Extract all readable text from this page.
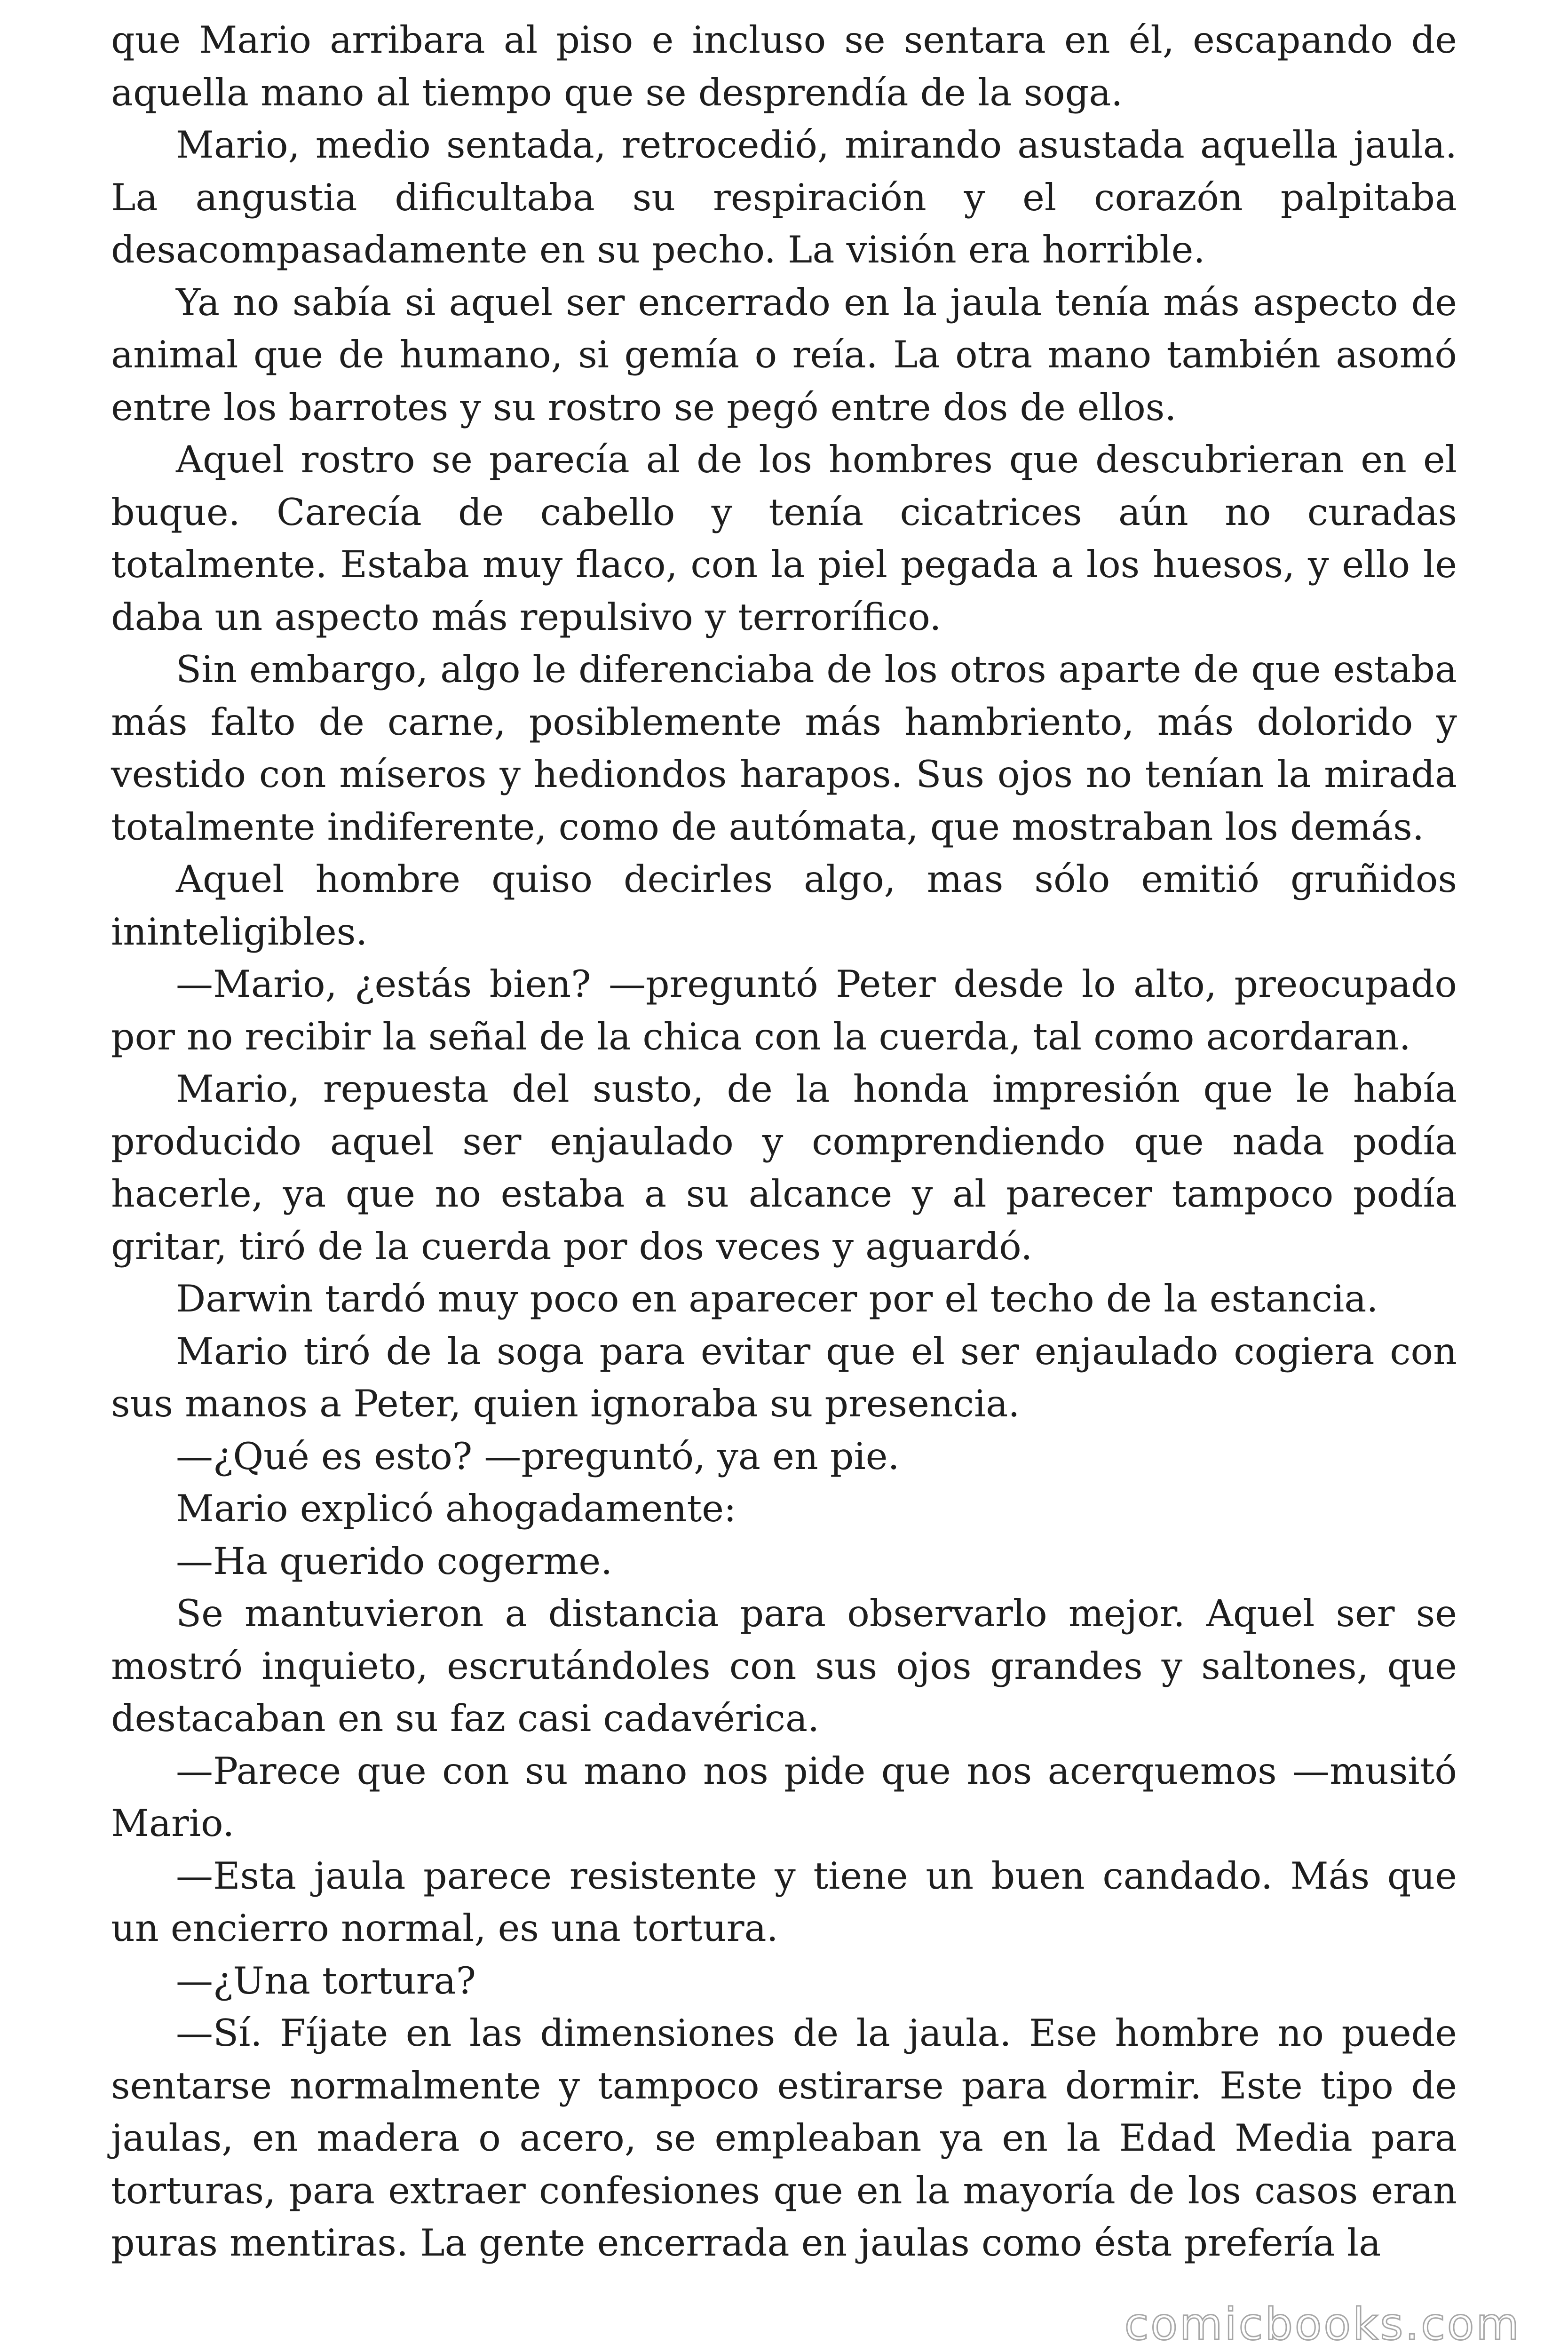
que Mario arribara al piso e incluso se sentara en él, escapando de aquella mano al tiempo que se desprendía de la soga.

Mario, medio sentada, retrocedió, mirando asustada aquella jaula. La angustia dificultaba su respiración y el corazón palpitaba desacompasadamente en su pecho. La visión era horrible.

Ya no sabía si aquel ser encerrado en la jaula tenía más aspecto de animal que de humano, si gemía o reía. La otra mano también asomó entre los barrotes y su rostro se pegó entre dos de ellos.

Aquel rostro se parecía al de los hombres que descubrieran en el buque. Carecía de cabello y tenía cicatrices aún no curadas totalmente. Estaba muy flaco, con la piel pegada a los huesos, y ello le daba un aspecto más repulsivo y terrorífico.

Sin embargo, algo le diferenciaba de los otros aparte de que estaba más falto de carne, posiblemente más hambriento, más dolorido y vestido con míseros y hediondos harapos. Sus ojos no tenían la mirada totalmente indiferente, como de autómata, que mostraban los demás.

Aquel hombre quiso decirles algo, mas sólo emitió gruñidos ininteligibles.

—Mario, ¿estás bien? —preguntó Peter desde lo alto, preocupado por no recibir la señal de la chica con la cuerda, tal como acordaran.

Mario, repuesta del susto, de la honda impresión que le había producido aquel ser enjaulado y comprendiendo que nada podía hacerle, ya que no estaba a su alcance y al parecer tampoco podía gritar, tiró de la cuerda por dos veces y aguardó.

Darwin tardó muy poco en aparecer por el techo de la estancia.

Mario tiró de la soga para evitar que el ser enjaulado cogiera con sus manos a Peter, quien ignoraba su presencia.

—¿Qué es esto? —preguntó, ya en pie.

Mario explicó ahogadamente:

—Ha querido cogerme.

Se mantuvieron a distancia para observarlo mejor. Aquel ser se mostró inquieto, escrutándoles con sus ojos grandes y saltones, que destacaban en su faz casi cadavérica.

—Parece que con su mano nos pide que nos acerquemos —musitó Mario.

—Esta jaula parece resistente y tiene un buen candado. Más que un encierro normal, es una tortura.

—¿Una tortura?

—Sí. Fíjate en las dimensiones de la jaula. Ese hombre no puede sentarse normalmente y tampoco estirarse para dormir. Este tipo de jaulas, en madera o acero, se empleaban ya en la Edad Media para torturas, para extraer confesiones que en la mayoría de los casos eran puras mentiras. La gente encerrada en jaulas como ésta prefería la

comicbooks.com
